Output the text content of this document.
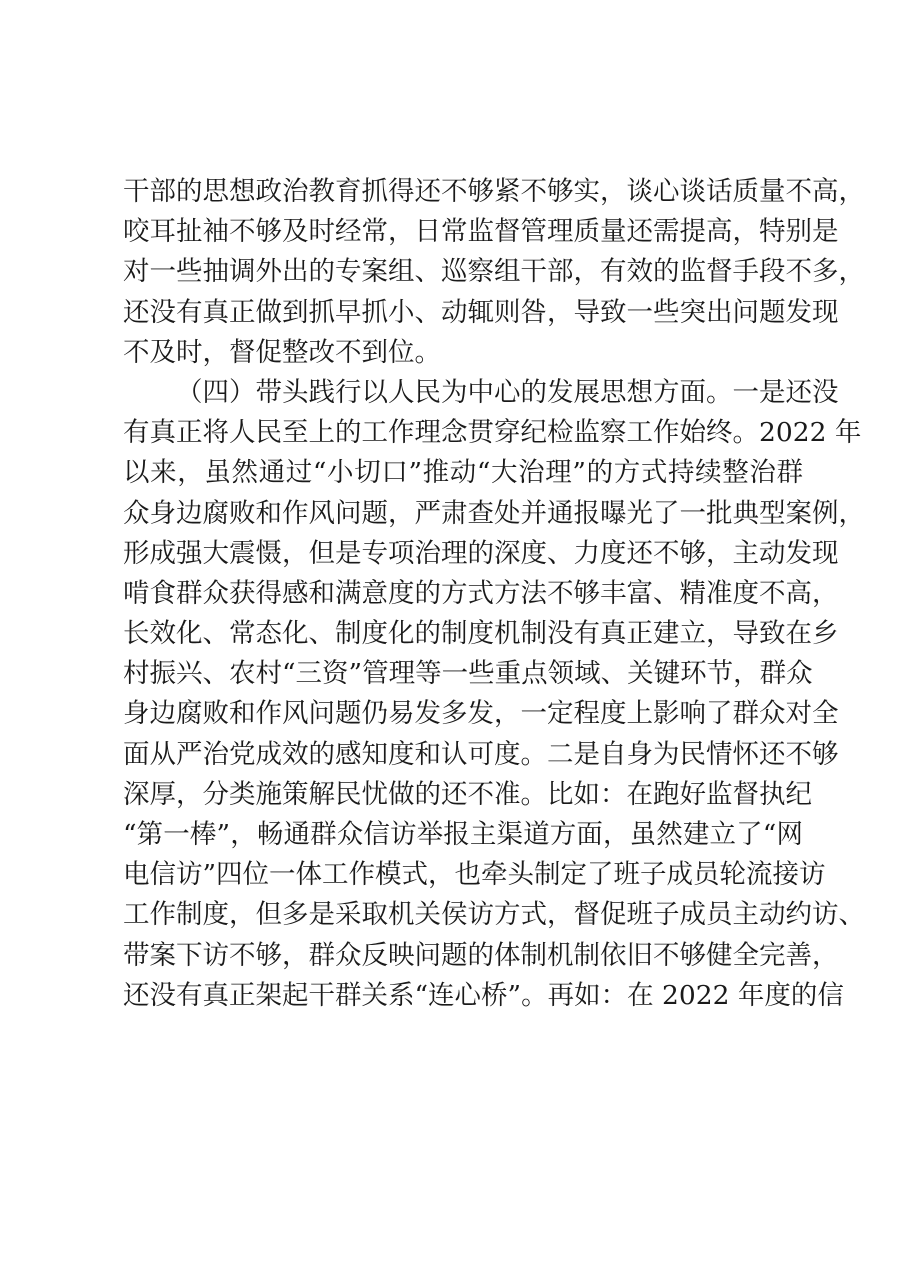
干部的思想政治教育抓得还不够紧不够实，谈心谈话质量不高，
咬耳扯袖不够及时经常，日常监督管理质量还需提高，特别是
对一些抽调外出的专案组、巡察组干部，有效的监督手段不多，
还没有真正做到抓早抓小、动辄则咎，导致一些突出问题发现
不及时，督促整改不到位。
（四）带头践行以人民为中心的发展思想方面。一是还没
有真正将人民至上的工作理念贯穿纪检监察工作始终。2022 年
以来，虽然通过“小切口”推动“大治理”的方式持续整治群
众身边腐败和作风问题，严肃查处并通报曝光了一批典型案例，
形成强大震慑，但是专项治理的深度、力度还不够，主动发现
啃食群众获得感和满意度的方式方法不够丰富、精准度不高，
长效化、常态化、制度化的制度机制没有真正建立，导致在乡
村振兴、农村“三资”管理等一些重点领域、关键环节，群众
身边腐败和作风问题仍易发多发，一定程度上影响了群众对全
面从严治党成效的感知度和认可度。二是自身为民情怀还不够
深厚，分类施策解民忧做的还不准。比如：在跑好监督执纪
“第一棒”，畅通群众信访举报主渠道方面，虽然建立了“网
电信访”四位一体工作模式，也牵头制定了班子成员轮流接访
工作制度，但多是采取机关侯访方式，督促班子成员主动约访、
带案下访不够，群众反映问题的体制机制依旧不够健全完善，
还没有真正架起干群关系“连心桥”。再如：在 2022 年度的信
